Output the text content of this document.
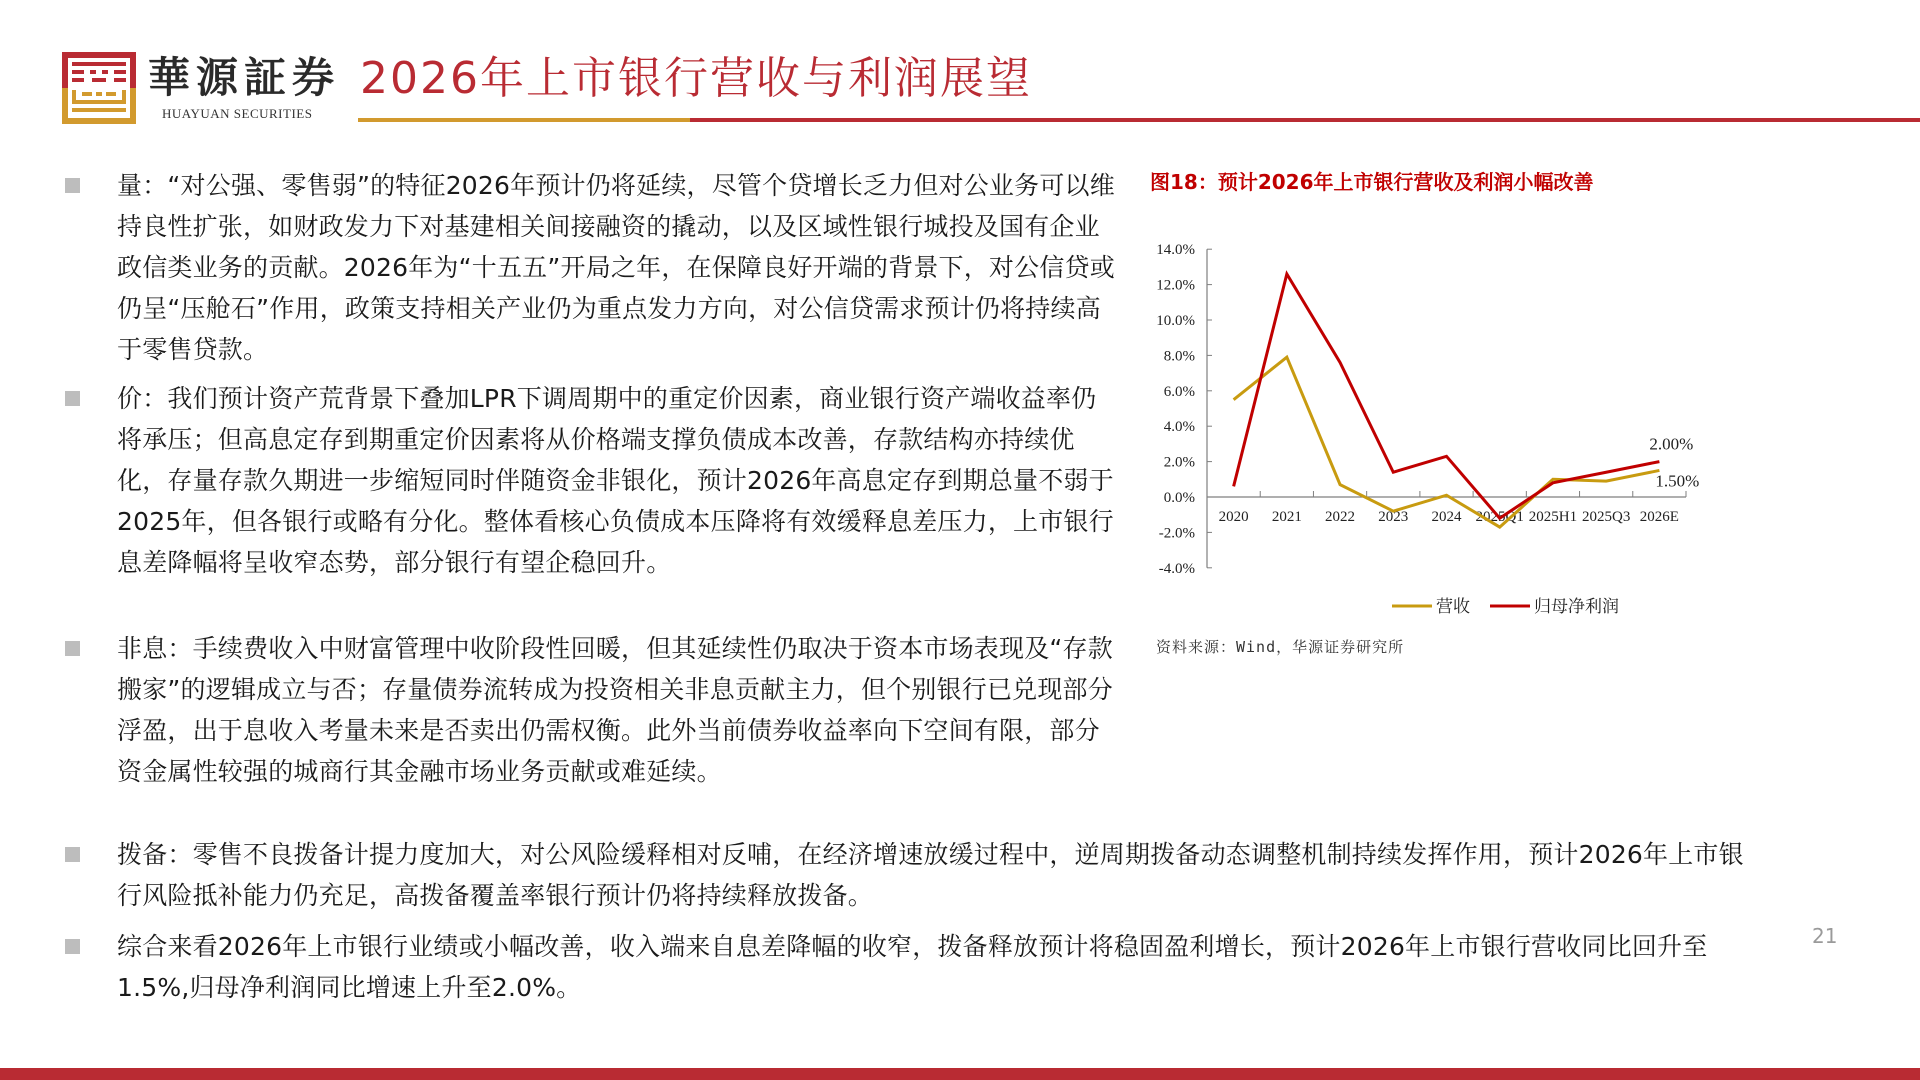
華源証券
HUAYUAN SECURITIES
2026年上市银行营收与利润展望
量：“对公强、零售弱”的特征2026年预计仍将延续，尽管个贷增长乏力但对公业务可以维持良性扩张，如财政发力下对基建相关间接融资的撬动，以及区域性银行城投及国有企业政信类业务的贡献。2026年为“十五五”开局之年，在保障良好开端的背景下，对公信贷或仍呈“压舱石”作用，政策支持相关产业仍为重点发力方向，对公信贷需求预计仍将持续高于零售贷款。
价：我们预计资产荒背景下叠加LPR下调周期中的重定价因素，商业银行资产端收益率仍将承压；但高息定存到期重定价因素将从价格端支撑负债成本改善，存款结构亦持续优化，存量存款久期进一步缩短同时伴随资金非银化，预计2026年高息定存到期总量不弱于2025年，但各银行或略有分化。整体看核心负债成本压降将有效缓释息差压力，上市银行息差降幅将呈收窄态势，部分银行有望企稳回升。
非息：手续费收入中财富管理中收阶段性回暖，但其延续性仍取决于资本市场表现及“存款搬家”的逻辑成立与否；存量债券流转成为投资相关非息贡献主力，但个别银行已兑现部分浮盈，出于息收入考量未来是否卖出仍需权衡。此外当前债券收益率向下空间有限，部分资金属性较强的城商行其金融市场业务贡献或难延续。
拨备：零售不良拨备计提力度加大，对公风险缓释相对反哺，在经济增速放缓过程中，逆周期拨备动态调整机制持续发挥作用，预计2026年上市银行风险抵补能力仍充足，高拨备覆盖率银行预计仍将持续释放拨备。
综合来看2026年上市银行业绩或小幅改善，收入端来自息差降幅的收窄，拨备释放预计将稳固盈利增长，预计2026年上市银行营收同比回升至1.5%,归母净利润同比增速上升至2.0%。
图18：预计2026年上市银行营收及利润小幅改善
14.0%
12.0%
10.0%
8.0%
6.0%
4.0%
2.0%
0.0%
-2.0%
-4.0%
2020 2021 2022 2023 2024 2025Q1 2025H1 2025Q3 2026E
2.00%
1.50%
营收	归母净利润
资料来源：Wind，华源证券研究所
21
